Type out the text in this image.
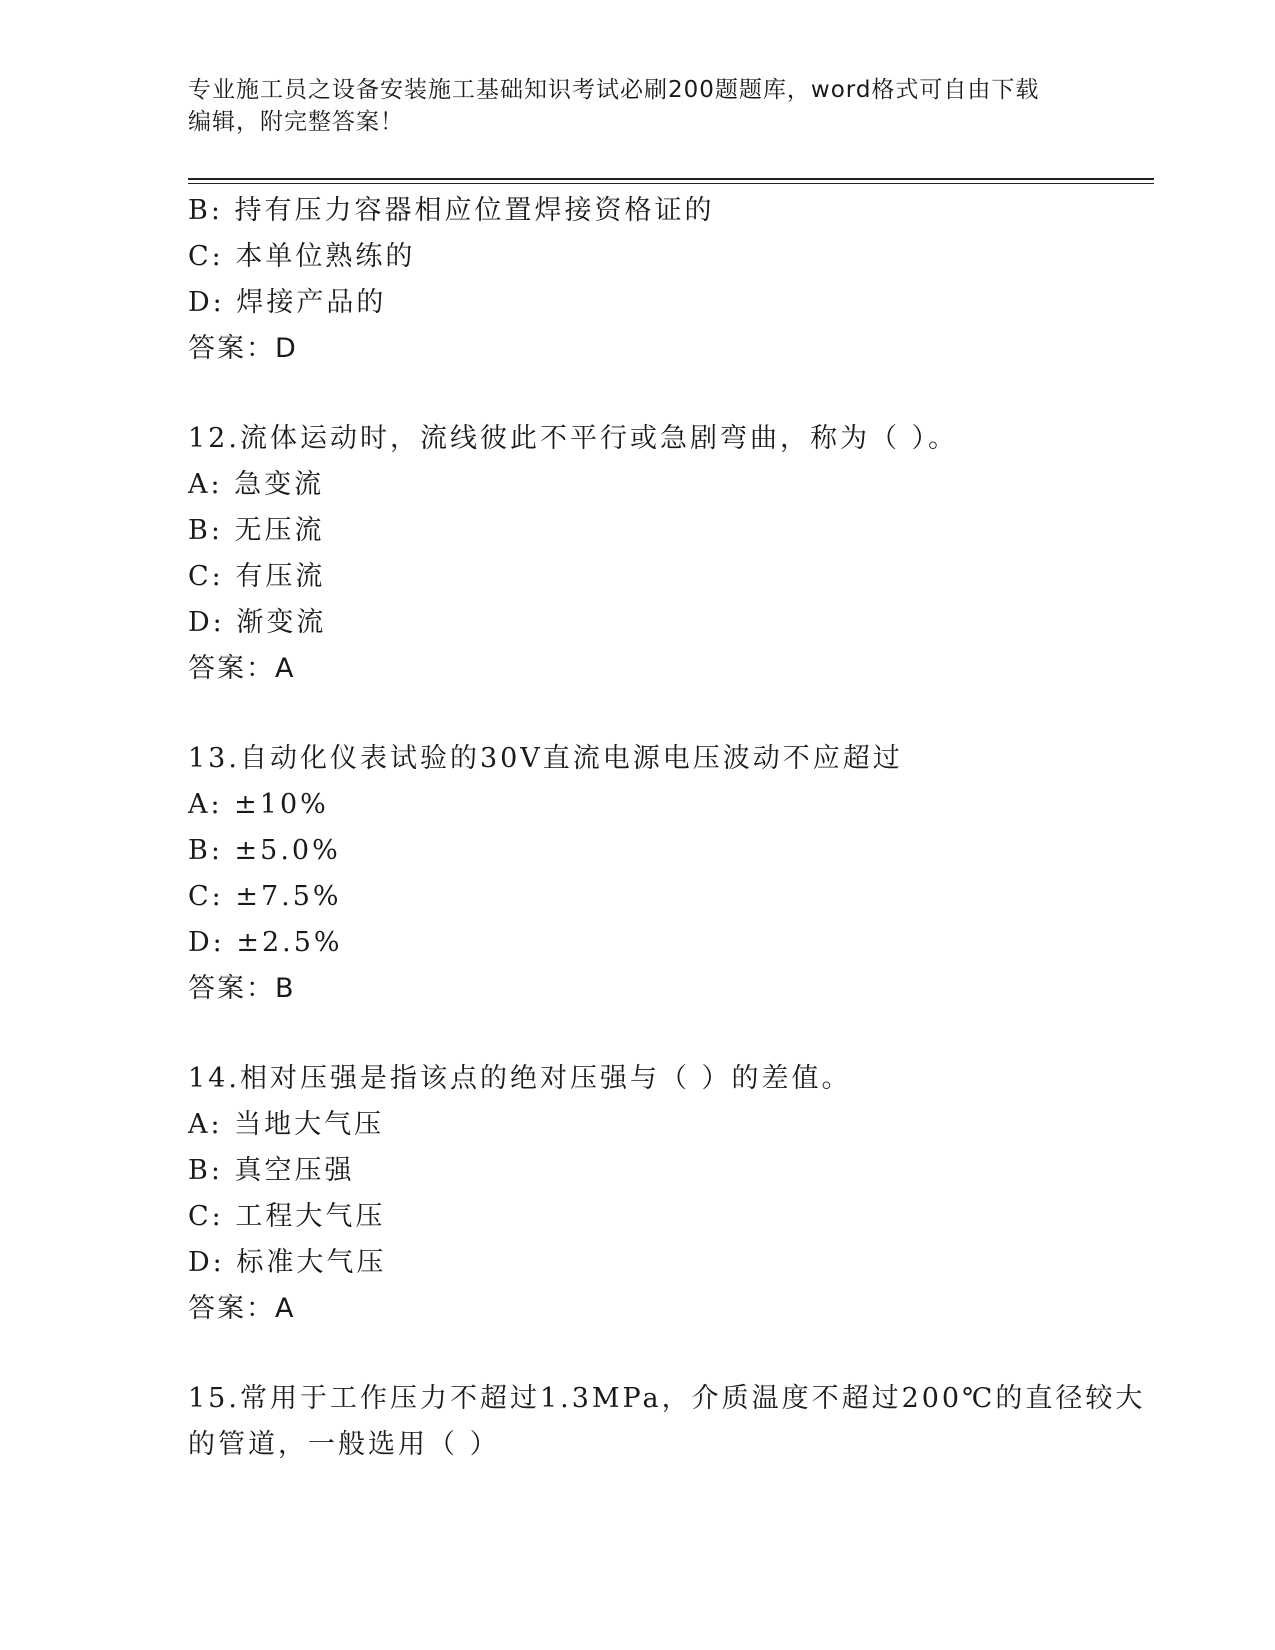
专业施工员之设备安装施工基础知识考试必刷200题题库，word格式可自由下载
编辑，附完整答案！
B: 持有压力容器相应位置焊接资格证的
C: 本单位熟练的
D: 焊接产品的
答案：D
12.流体运动时，流线彼此不平行或急剧弯曲，称为（ ）。
A: 急变流
B: 无压流
C: 有压流
D: 渐变流
答案：A
13.自动化仪表试验的30V直流电源电压波动不应超过
A: ±10%
B: ±5.0%
C: ±7.5%
D: ±2.5%
答案：B
14.相对压强是指该点的绝对压强与（ ）的差值。
A: 当地大气压
B: 真空压强
C: 工程大气压
D: 标准大气压
答案：A
15.常用于工作压力不超过1.3MPa，介质温度不超过200℃的直径较大
的管道，一般选用（ ）
